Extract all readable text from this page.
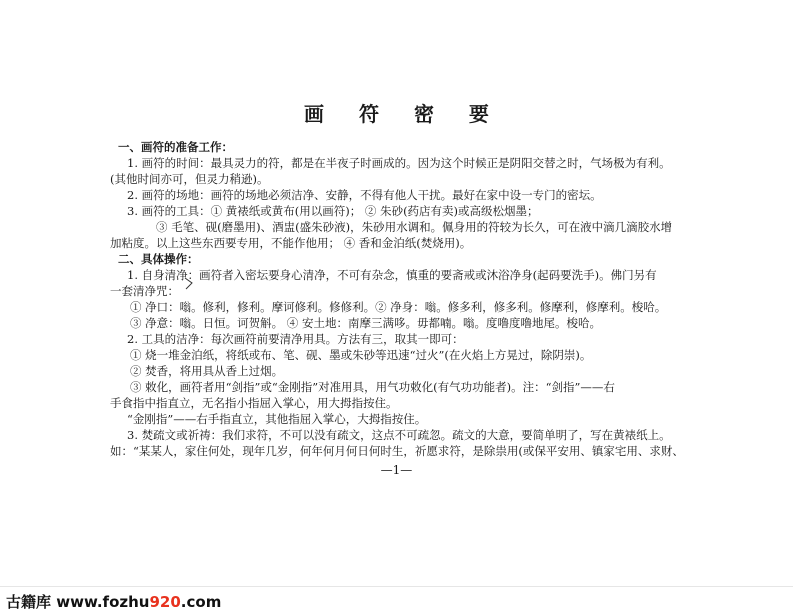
画 符 密 要
一、画符的准备工作：
1. 画符的时间：最具灵力的符，都是在半夜子时画成的。因为这个时候正是阴阳交替之时，气场极为有利。
(其他时间亦可，但灵力稍逊)。
2. 画符的场地：画符的场地必须洁净、安静，不得有他人干扰。最好在家中设一专门的密坛。
3. 画符的工具：① 黄裱纸或黄布(用以画符)； ② 朱砂(药店有卖)或高级松烟墨；
③ 毛笔、砚(磨墨用)、酒盅(盛朱砂液)，朱砂用水调和。佩身用的符较为长久，可在液中滴几滴胶水增
加粘度。以上这些东西要专用，不能作他用； ④ 香和金泊纸(焚烧用)。
二、具体操作：
1. 自身清净：画符者入密坛要身心清净，不可有杂念，慎重的要斋戒或沐浴净身(起码要洗手)。佛门另有
一套清净咒：
① 净口：嗡。修利，修利。摩诃修利。修修利。② 净身：嗡。修多利，修多利。修摩利，修摩利。梭哈。
③ 净意：嗡。日恒。诃贺斛。 ④ 安土地：南摩三满哆。毋都喃。嗡。度噜度噜地尾。梭哈。
2. 工具的洁净：每次画符前要清净用具。方法有三，取其一即可：
① 烧一堆金泊纸，将纸或布、笔、砚、墨或朱砂等迅速“过火”(在火焰上方晃过，除阴崇)。
② 焚香，将用具从香上过烟。
③ 敕化，画符者用“剑指”或“金刚指”对准用具，用气功敕化(有气功功能者)。注：“剑指”——右
手食指中指直立，无名指小指屈入掌心，用大拇指按住。
“金刚指”——右手指直立，其他指屈入掌心，大拇指按住。
3. 焚疏文或祈祷：我们求符，不可以没有疏文，这点不可疏忽。疏文的大意，要简单明了，写在黄裱纸上。
如：“某某人，家住何处，现年几岁，何年何月何日何时生，祈愿求符，是除祟用(或保平安用、镇家宅用、求财、
—1—
古籍库 www.fozhu920.com
